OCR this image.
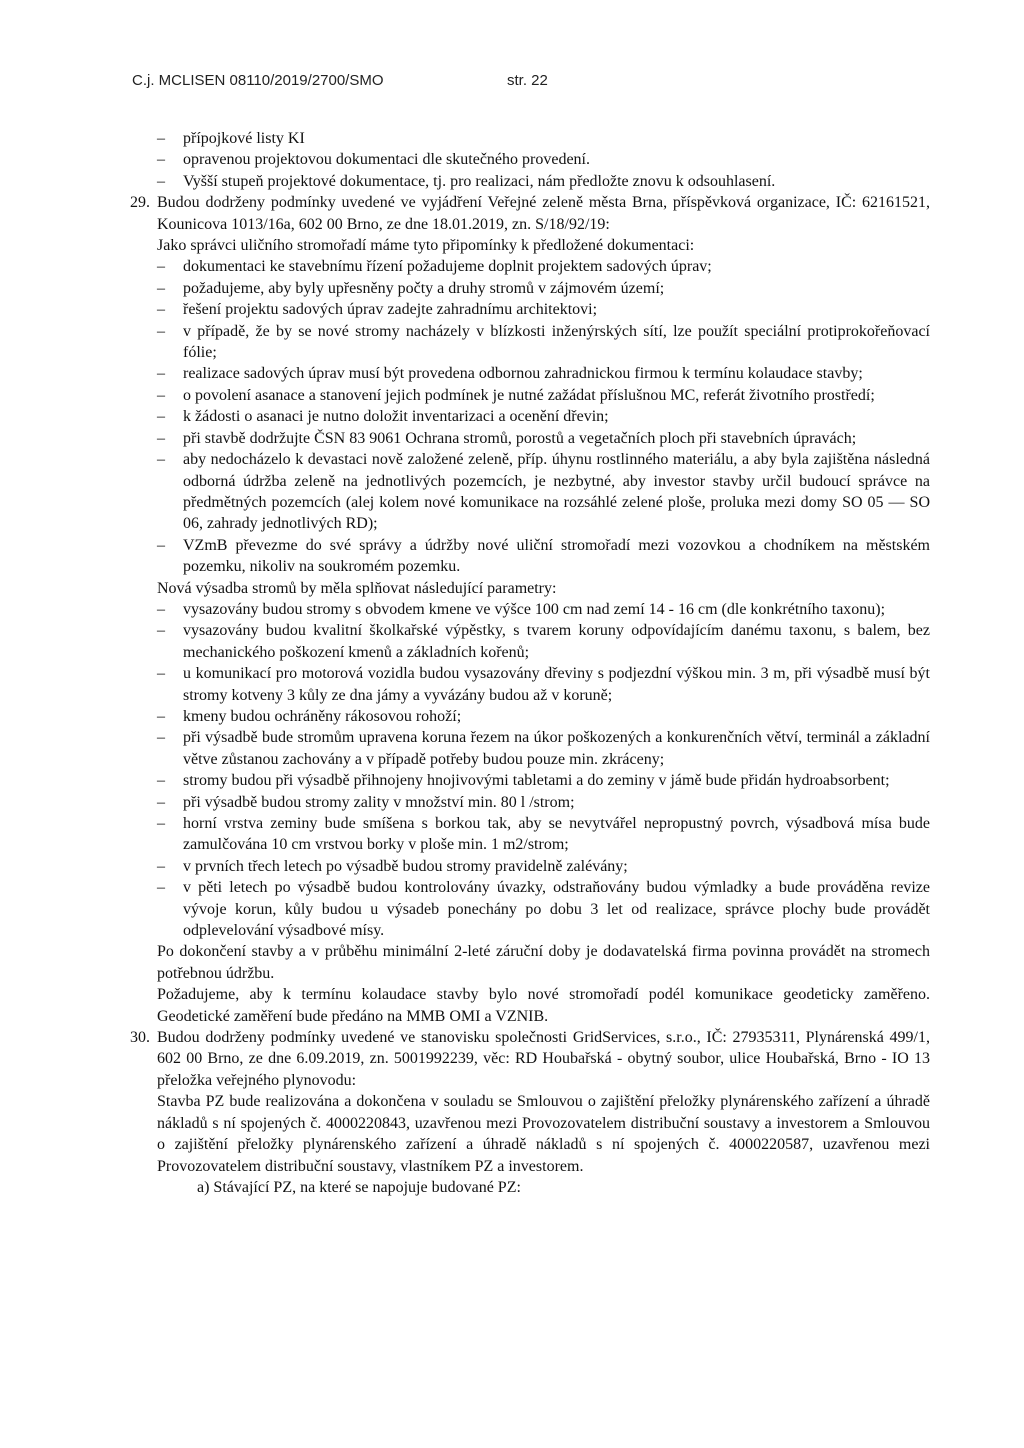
C.j. MCLISEN 08110/2019/2700/SMO	str. 22

– přípojkové listy KI

– opravenou projektovou dokumentaci dle skutečného provedení.

– Vyšší stupeň projektové dokumentace, tj. pro realizaci, nám předložte znovu k odsouhlasení.

29. Budou dodrženy podmínky uvedené ve vyjádření Veřejné zeleně města Brna, příspěvková organizace, IČ: 62161521, Kounicova 1013/16a, 602 00 Brno, ze dne 18.01.2019, zn. S/18/92/19:

Jako správci uličního stromořadí máme tyto připomínky k předložené dokumentaci:

– dokumentaci ke stavebnímu řízení požadujeme doplnit projektem sadových úprav;

– požadujeme, aby byly upřesněny počty a druhy stromů v zájmovém území;

– řešení projektu sadových úprav zadejte zahradnímu architektovi;

– v případě, že by se nové stromy nacházely v blízkosti inženýrských sítí, lze použít speciální protiprokořeňovací fólie;

– realizace sadových úprav musí být provedena odbornou zahradnickou firmou k termínu kolaudace stavby;

– o povolení asanace a stanovení jejich podmínek je nutné zažádat příslušnou MC, referát životního prostředí;

– k žádosti o asanaci je nutno doložit inventarizaci a ocenění dřevin;

– při stavbě dodržujte ČSN 83 9061 Ochrana stromů, porostů a vegetačních ploch při stavebních úpravách;

– aby nedocházelo k devastaci nově založené zeleně, příp. úhynu rostlinného materiálu, a aby byla zajištěna následná odborná údržba zeleně na jednotlivých pozemcích, je nezbytné, aby investor stavby určil budoucí správce na předmětných pozemcích (alej kolem nové komunikace na rozsáhlé zelené ploše, proluka mezi domy SO 05 — SO 06, zahrady jednotlivých RD);

– VZmB převezme do své správy a údržby nové uliční stromořadí mezi vozovkou a chodníkem na městském pozemku, nikoliv na soukromém pozemku.

Nová výsadba stromů by měla splňovat následující parametry:

– vysazovány budou stromy s obvodem kmene ve výšce 100 cm nad zemí 14 - 16 cm (dle konkrétního taxonu);

– vysazovány budou kvalitní školkařské výpěstky, s tvarem koruny odpovídajícím danému taxonu, s balem, bez mechanického poškození kmenů a základních kořenů;

– u komunikací pro motorová vozidla budou vysazovány dřeviny s podjezdní výškou min. 3 m, při výsadbě musí být stromy kotveny 3 kůly ze dna jámy a vyvázány budou až v koruně;

– kmeny budou ochráněny rákosovou rohoží;

– při výsadbě bude stromům upravena koruna řezem na úkor poškozených a konkurenčních větví, terminál a základní větve zůstanou zachovány a v případě potřeby budou pouze min. zkráceny;

– stromy budou při výsadbě přihnojeny hnojivovými tabletami a do zeminy v jámě bude přidán hydroabsorbent;

– při výsadbě budou stromy zality v množství min. 80 l /strom;

– horní vrstva zeminy bude smíšena s borkou tak, aby se nevytvářel nepropustný povrch, výsadbová mísa bude zamulčována 10 cm vrstvou borky v ploše min. 1 m2/strom;

– v prvních třech letech po výsadbě budou stromy pravidelně zalévány;

– v pěti letech po výsadbě budou kontrolovány úvazky, odstraňovány budou výmladky a bude prováděna revize vývoje korun, kůly budou u výsadeb ponechány po dobu 3 let od realizace, správce plochy bude provádět odplevelování výsadbové mísy.

Po dokončení stavby a v průběhu minimální 2-leté záruční doby je dodavatelská firma povinna provádět na stromech potřebnou údržbu.

Požadujeme, aby k termínu kolaudace stavby bylo nové stromořadí podél komunikace geodeticky zaměřeno. Geodetické zaměření bude předáno na MMB OMI a VZNIB.

30. Budou dodrženy podmínky uvedené ve stanovisku společnosti GridServices, s.r.o., IČ: 27935311, Plynárenská 499/1, 602 00 Brno, ze dne 6.09.2019, zn. 5001992239, věc: RD Houbařská - obytný soubor, ulice Houbařská, Brno - IO 13 přeložka veřejného plynovodu:

Stavba PZ bude realizována a dokončena v souladu se Smlouvou o zajištění přeložky plynárenského zařízení a úhradě nákladů s ní spojených č. 4000220843, uzavřenou mezi Provozovatelem distribuční soustavy a investorem a Smlouvou o zajištění přeložky plynárenského zařízení a úhradě nákladů s ní spojených č. 4000220587, uzavřenou mezi Provozovatelem distribuční soustavy, vlastníkem PZ a investorem.

a) Stávající PZ, na které se napojuje budované PZ:
